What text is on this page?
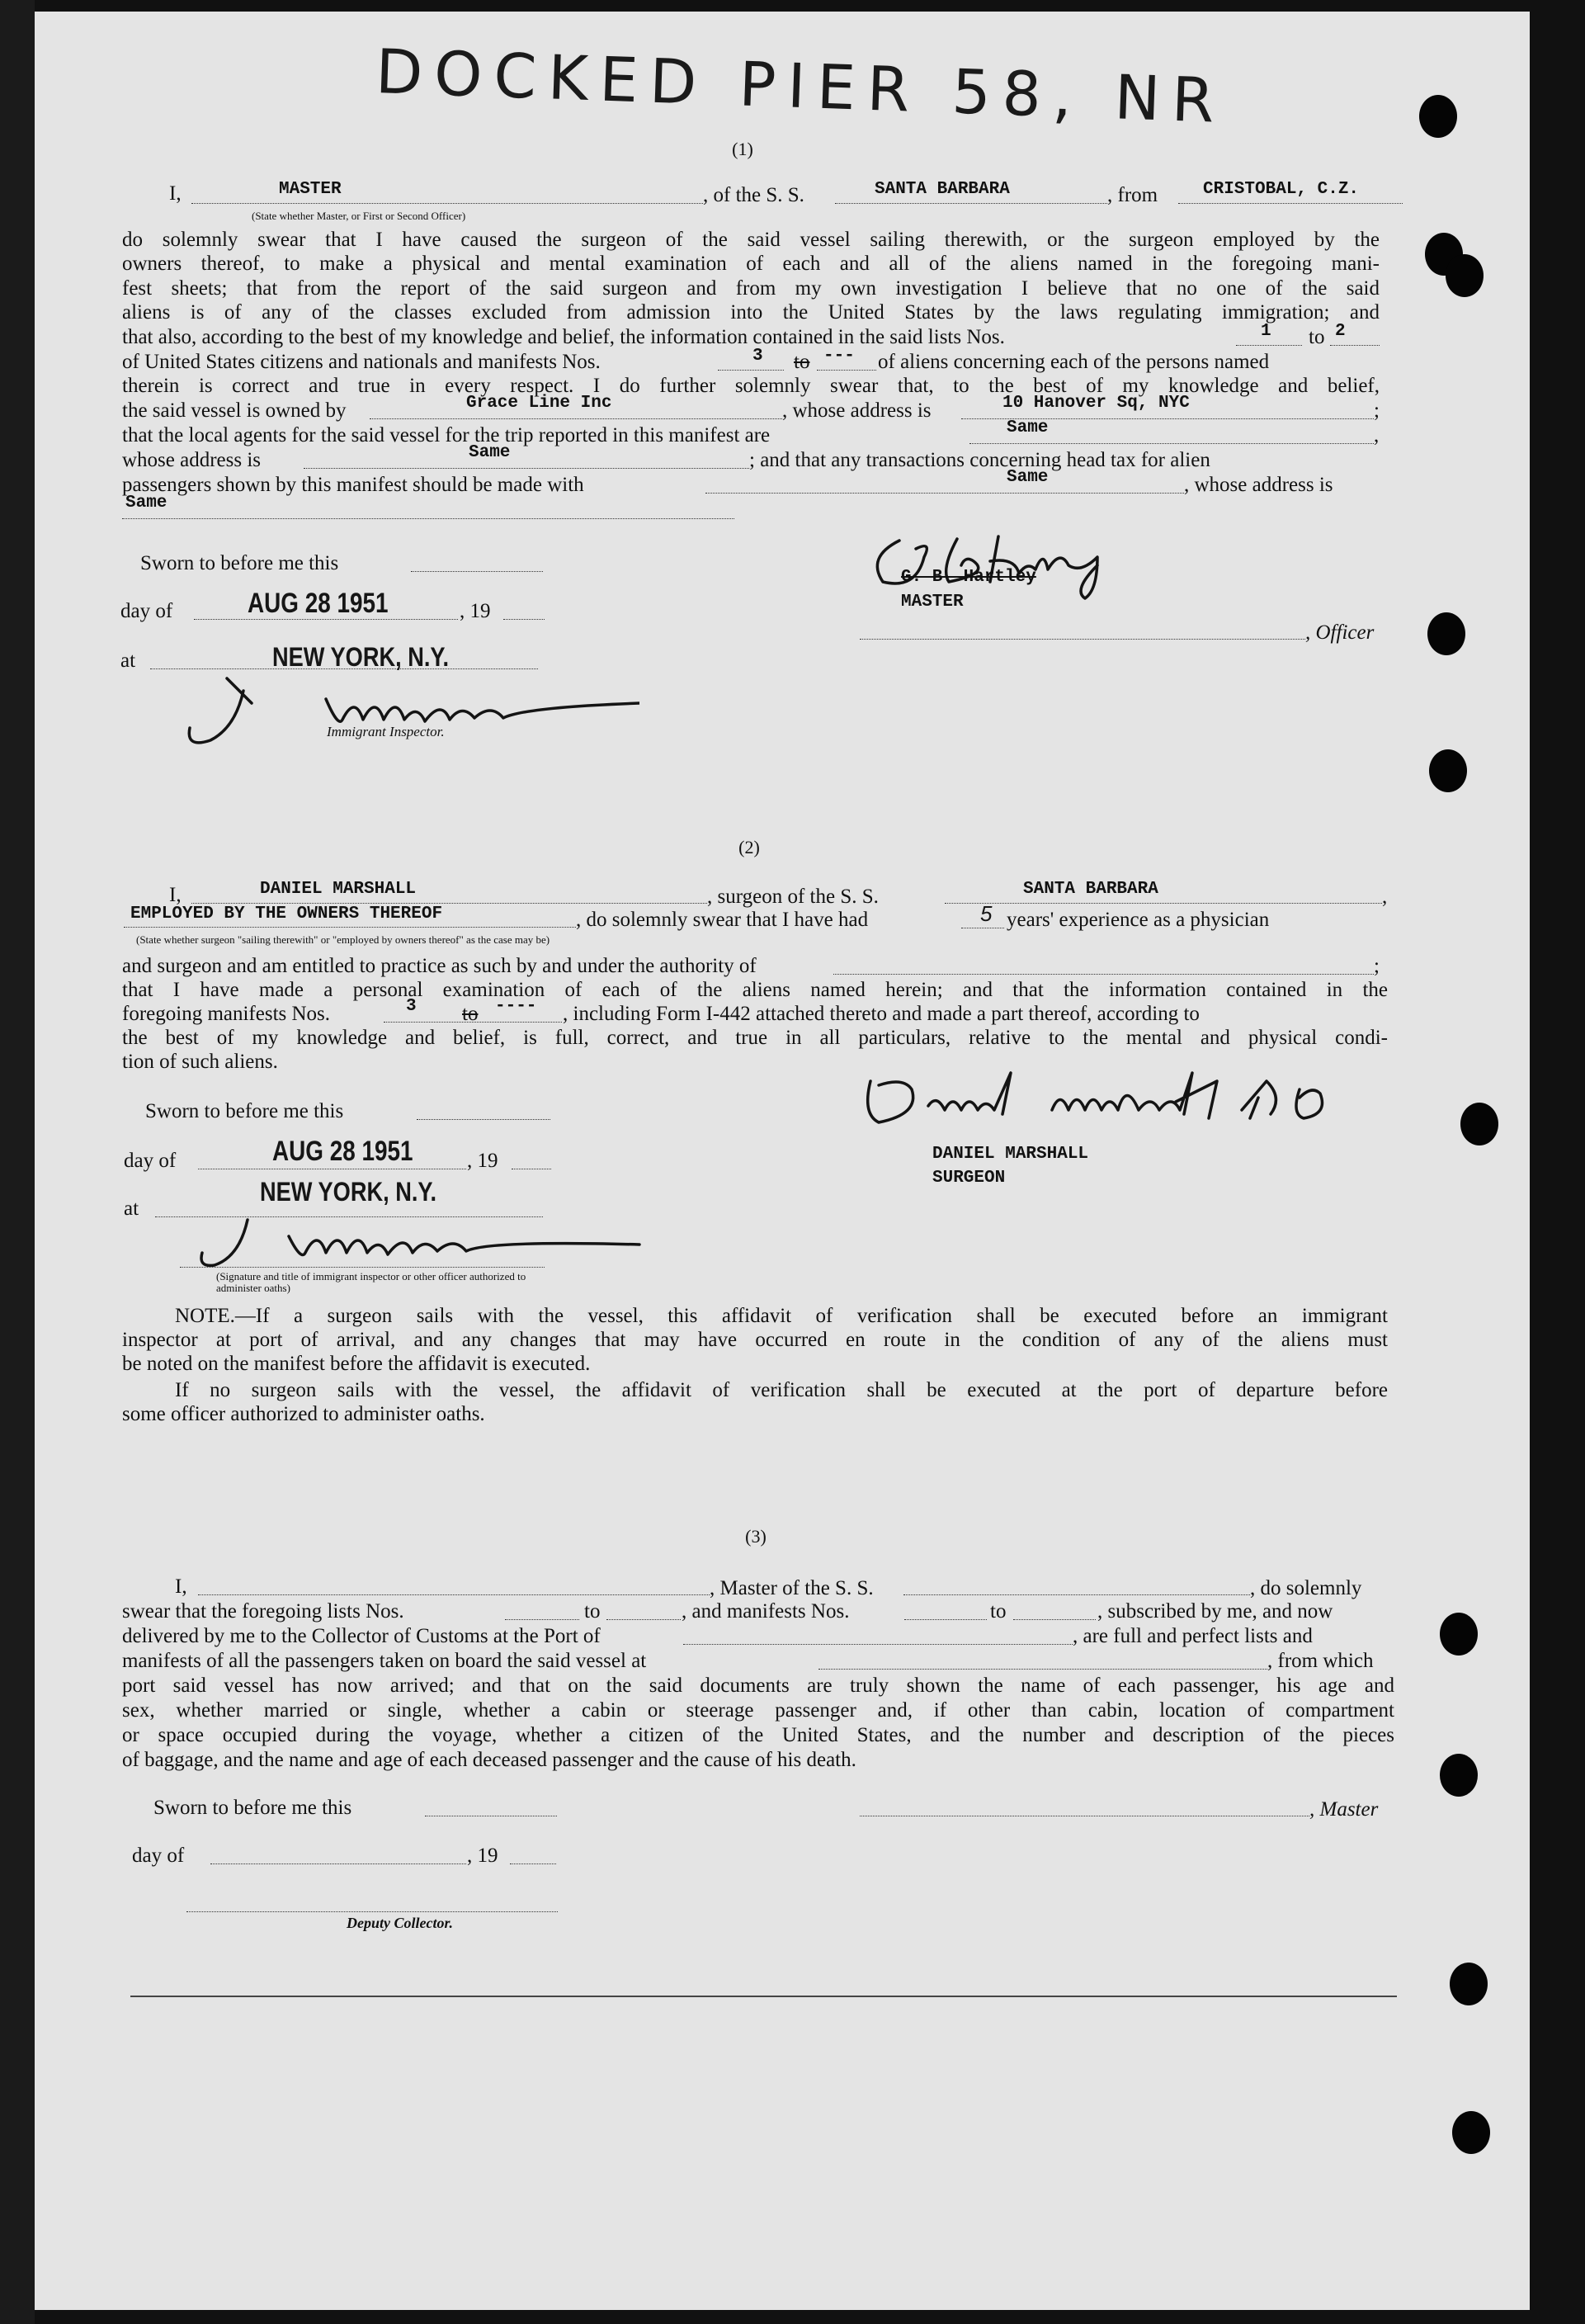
DOCKED PIER 58, NR
(1)
I,	MASTER
(State whether Master, or First or Second Officer)
, of the S. S.	SANTA BARBARA	, from	CRISTOBAL, C.Z.
do solemnly swear that I have caused the surgeon of the said vessel sailing therewith, or the surgeon employed by the
owners thereof, to make a physical and mental examination of each and all of the aliens named in the foregoing mani-
fest sheets; that from the report of the said surgeon and from my own investigation I believe that no one of the said
aliens is of any of the classes excluded from admission into the United States by the laws regulating immigration; and
that also, according to the best of my knowledge and belief, the information contained in the said lists Nos.	1 to 2
of United States citizens and nationals and manifests Nos.	3 to --- of aliens concerning each of the persons named
therein is correct and true in every respect. I do further solemnly swear that, to the best of my knowledge and belief,
the said vessel is owned by	Grace Line Inc	, whose address is	10 Hanover Sq, NYC	;
that the local agents for the said vessel for the trip reported in this manifest are	Same	,
whose address is	Same	; and that any transactions concerning head tax for alien
passengers shown by this manifest should be made with	Same	, whose address is
Same
Sworn to before me this
day of	AUG 28 1951	, 19
at	NEW YORK, N.Y.
Immigrant Inspector.
G. B. Hartley
MASTER
, Officer
(2)
I,	DANIEL MARSHALL	, surgeon of the S. S.	SANTA BARBARA	,
EMPLOYED BY THE OWNERS THEREOF
(State whether surgeon "sailing therewith" or "employed by owners thereof" as the case may be)
, do solemnly swear that I have had	5 years' experience as a physician
and surgeon and am entitled to practice as such by and under the authority of	;
that I have made a personal examination of each of the aliens named herein; and that the information contained in the
foregoing manifests Nos.	3 to ---- , including Form I-442 attached thereto and made a part thereof, according to
the best of my knowledge and belief, is full, correct, and true in all particulars, relative to the mental and physical condi-
tion of such aliens.
Sworn to before me this
day of	AUG 28 1951	, 19
NEW YORK, N.Y.
at
(Signature and title of immigrant inspector or other officer authorized to administer oaths)
DANIEL MARSHALL
SURGEON
NOTE.—If a surgeon sails with the vessel, this affidavit of verification shall be executed before an immigrant
inspector at port of arrival, and any changes that may have occurred en route in the condition of any of the aliens must
be noted on the manifest before the affidavit is executed.
If no surgeon sails with the vessel, the affidavit of verification shall be executed at the port of departure before
some officer authorized to administer oaths.
(3)
I,	, Master of the S. S.	, do solemnly
swear that the foregoing lists Nos.	to	, and manifests Nos.	to	, subscribed by me, and now
delivered by me to the Collector of Customs at the Port of	, are full and perfect lists and
manifests of all the passengers taken on board the said vessel at	, from which
port said vessel has now arrived; and that on the said documents are truly shown the name of each passenger, his age and
sex, whether married or single, whether a cabin or steerage passenger and, if other than cabin, location of compartment
or space occupied during the voyage, whether a citizen of the United States, and the number and description of the pieces
of baggage, and the name and age of each deceased passenger and the cause of his death.
Sworn to before me this	, Master
day of	, 19
Deputy Collector.
